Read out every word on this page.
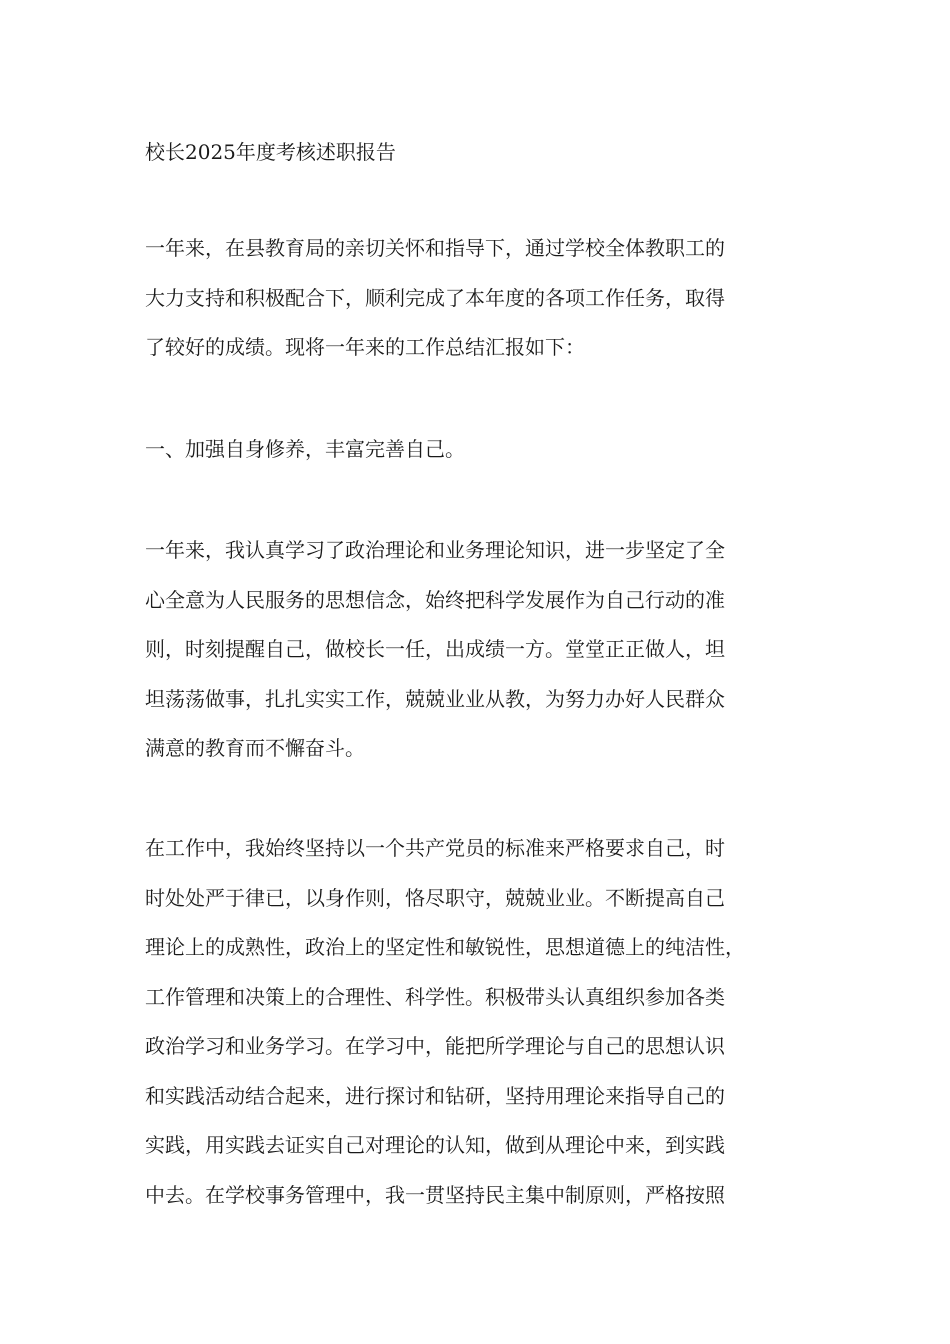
校长2025年度考核述职报告
一年来，在县教育局的亲切关怀和指导下，通过学校全体教职工的
大力支持和积极配合下，顺利完成了本年度的各项工作任务，取得
了较好的成绩。现将一年来的工作总结汇报如下：
一、加强自身修养，丰富完善自己。
一年来，我认真学习了政治理论和业务理论知识，进一步坚定了全
心全意为人民服务的思想信念，始终把科学发展作为自己行动的准
则，时刻提醒自己，做校长一任，出成绩一方。堂堂正正做人，坦
坦荡荡做事，扎扎实实工作，兢兢业业从教，为努力办好人民群众
满意的教育而不懈奋斗。
在工作中，我始终坚持以一个共产党员的标准来严格要求自己，时
时处处严于律已，以身作则，恪尽职守，兢兢业业。不断提高自己
理论上的成熟性，政治上的坚定性和敏锐性，思想道德上的纯洁性，
工作管理和决策上的合理性、科学性。积极带头认真组织参加各类
政治学习和业务学习。在学习中，能把所学理论与自己的思想认识
和实践活动结合起来，进行探讨和钻研，坚持用理论来指导自己的
实践，用实践去证实自己对理论的认知，做到从理论中来，到实践
中去。在学校事务管理中，我一贯坚持民主集中制原则，严格按照
